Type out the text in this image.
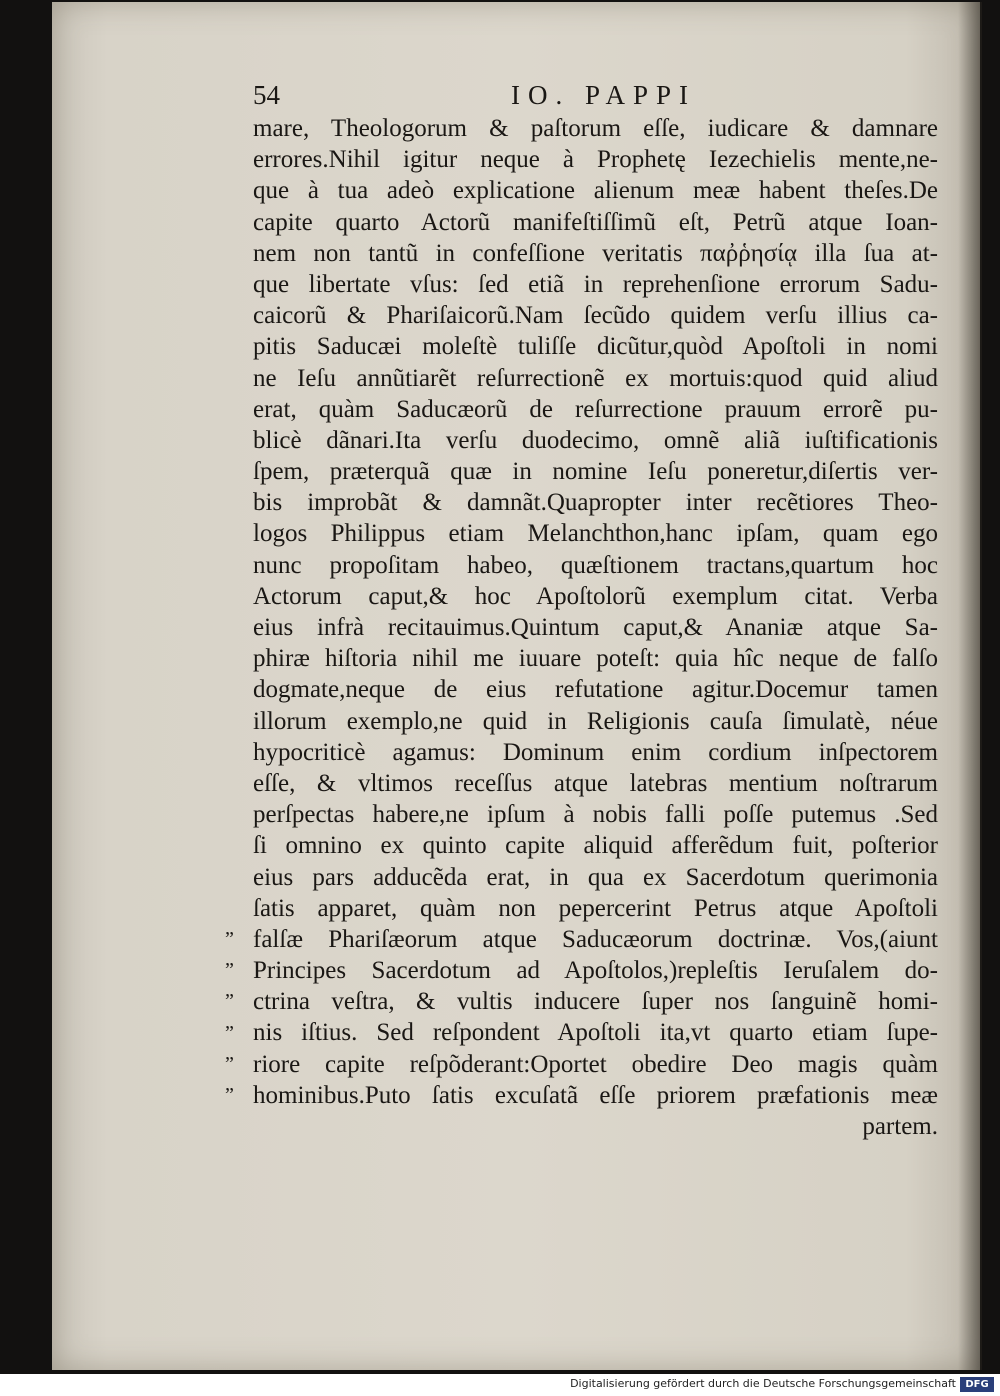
54	IO. PAPPI
mare, Theologorum & paſtorum eſſe, iudicare & damnare
errores.Nihil igitur neque à Prophetę Iezechielis mente,ne-
que à tua adeò explicatione alienum meæ habent theſes.De
capite quarto Actorũ manifeſtiſſimũ eſt, Petrũ atque Ioan-
nem non tantũ in confeſſione veritatis παῤῥησίᾳ illa ſua at-
que libertate vſus: ſed etiã in reprehenſione errorum Sadu-
caicorũ & Phariſaicorũ.Nam ſecũdo quidem verſu illius ca-
pitis Saducæi moleſtè tuliſſe dicũtur,quòd Apoſtoli in nomi
ne Ieſu annũtiarẽt reſurrectionẽ ex mortuis:quod quid aliud
erat, quàm Saducæorũ de reſurrectione prauum errorẽ pu-
blicè dãnari.Ita verſu duodecimo, omnẽ aliã iuſtificationis
ſpem, præterquã quæ in nomine Ieſu poneretur,diſertis ver-
bis improbãt & damnãt.Quapropter inter recẽtiores Theo-
logos Philippus etiam Melanchthon,hanc ipſam, quam ego
nunc propoſitam habeo, quæſtionem tractans,quartum hoc
Actorum caput,& hoc Apoſtolorũ exemplum citat. Verba
eius infrà recitauimus.Quintum caput,& Ananiæ atque Sa-
phiræ hiſtoria nihil me iuuare poteſt: quia hîc neque de falſo
dogmate,neque de eius refutatione agitur.Docemur tamen
illorum exemplo,ne quid in Religionis cauſa ſimulatè, néue
hypocriticè agamus: Dominum enim cordium inſpectorem
eſſe, & vltimos receſſus atque latebras mentium noſtrarum
perſpectas habere,ne ipſum à nobis falli poſſe putemus .Sed
ſi omnino ex quinto capite aliquid afferẽdum fuit, poſterior
eius pars adducẽda erat, in qua ex Sacerdotum querimonia
ſatis apparet, quàm non pepercerint Petrus atque Apoſtoli
falſæ Phariſæorum atque Saducæorum doctrinæ. Vos,(aiunt
Principes Sacerdotum ad Apoſtolos,)repleſtis Ieruſalem do-
ctrina veſtra, & vultis inducere ſuper nos ſanguinẽ homi-
nis iſtius. Sed reſpondent Apoſtoli ita,vt quarto etiam ſupe-
riore capite reſpõderant:Oportet obedire Deo magis quàm
hominibus.Puto ſatis excuſatã eſſe priorem præfationis meæ
partem.
”
”
”
”
”
”
Digitalisierung gefördert durch die Deutsche Forschungsgemeinschaft DFG
